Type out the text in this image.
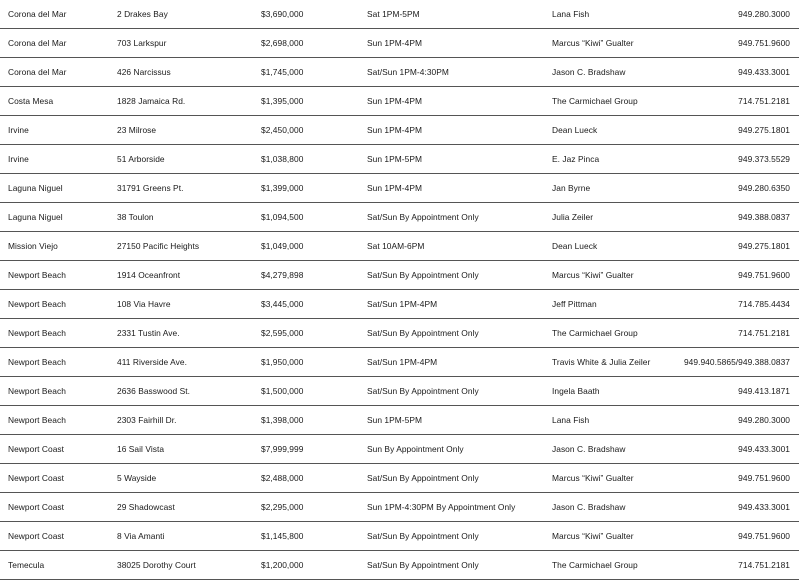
Corona del Mar	2 Drakes Bay	$3,690,000	Sat 1PM-5PM	Lana Fish	949.280.3000
Corona del Mar	703 Larkspur	$2,698,000	Sun 1PM-4PM	Marcus “Kiwi” Gualter	949.751.9600
Corona del Mar	426 Narcissus	$1,745,000	Sat/Sun 1PM-4:30PM	Jason C. Bradshaw	949.433.3001
Costa Mesa	1828 Jamaica Rd.	$1,395,000	Sun 1PM-4PM	The Carmichael Group	714.751.2181
Irvine	23 Milrose	$2,450,000	Sun 1PM-4PM	Dean Lueck	949.275.1801
Irvine	51 Arborside	$1,038,800	Sun 1PM-5PM	E. Jaz Pinca	949.373.5529
Laguna Niguel	31791 Greens Pt.	$1,399,000	Sun 1PM-4PM	Jan Byrne	949.280.6350
Laguna Niguel	38 Toulon	$1,094,500	Sat/Sun By Appointment Only	Julia Zeiler	949.388.0837
Mission Viejo	27150 Pacific Heights	$1,049,000	Sat 10AM-6PM	Dean Lueck	949.275.1801
Newport Beach	1914 Oceanfront	$4,279,898	Sat/Sun By Appointment Only	Marcus “Kiwi” Gualter	949.751.9600
Newport Beach	108 Via Havre	$3,445,000	Sat/Sun 1PM-4PM	Jeff Pittman	714.785.4434
Newport Beach	2331 Tustin Ave.	$2,595,000	Sat/Sun By Appointment Only	The Carmichael Group	714.751.2181
Newport Beach	411 Riverside Ave.	$1,950,000	Sat/Sun 1PM-4PM	Travis White & Julia Zeiler	949.940.5865/949.388.0837
Newport Beach	2636 Basswood St.	$1,500,000	Sat/Sun By Appointment Only	Ingela Baath	949.413.1871
Newport Beach	2303 Fairhill Dr.	$1,398,000	Sun 1PM-5PM	Lana Fish	949.280.3000
Newport Coast	16 Sail Vista	$7,999,999	Sun By Appointment Only	Jason C. Bradshaw	949.433.3001
Newport Coast	5 Wayside	$2,488,000	Sat/Sun By Appointment Only	Marcus “Kiwi” Gualter	949.751.9600
Newport Coast	29 Shadowcast	$2,295,000	Sun 1PM-4:30PM By Appointment Only	Jason C. Bradshaw	949.433.3001
Newport Coast	8 Via Amanti	$1,145,800	Sat/Sun By Appointment Only	Marcus “Kiwi” Gualter	949.751.9600
Temecula	38025 Dorothy Court	$1,200,000	Sat/Sun By Appointment Only	The Carmichael Group	714.751.2181
